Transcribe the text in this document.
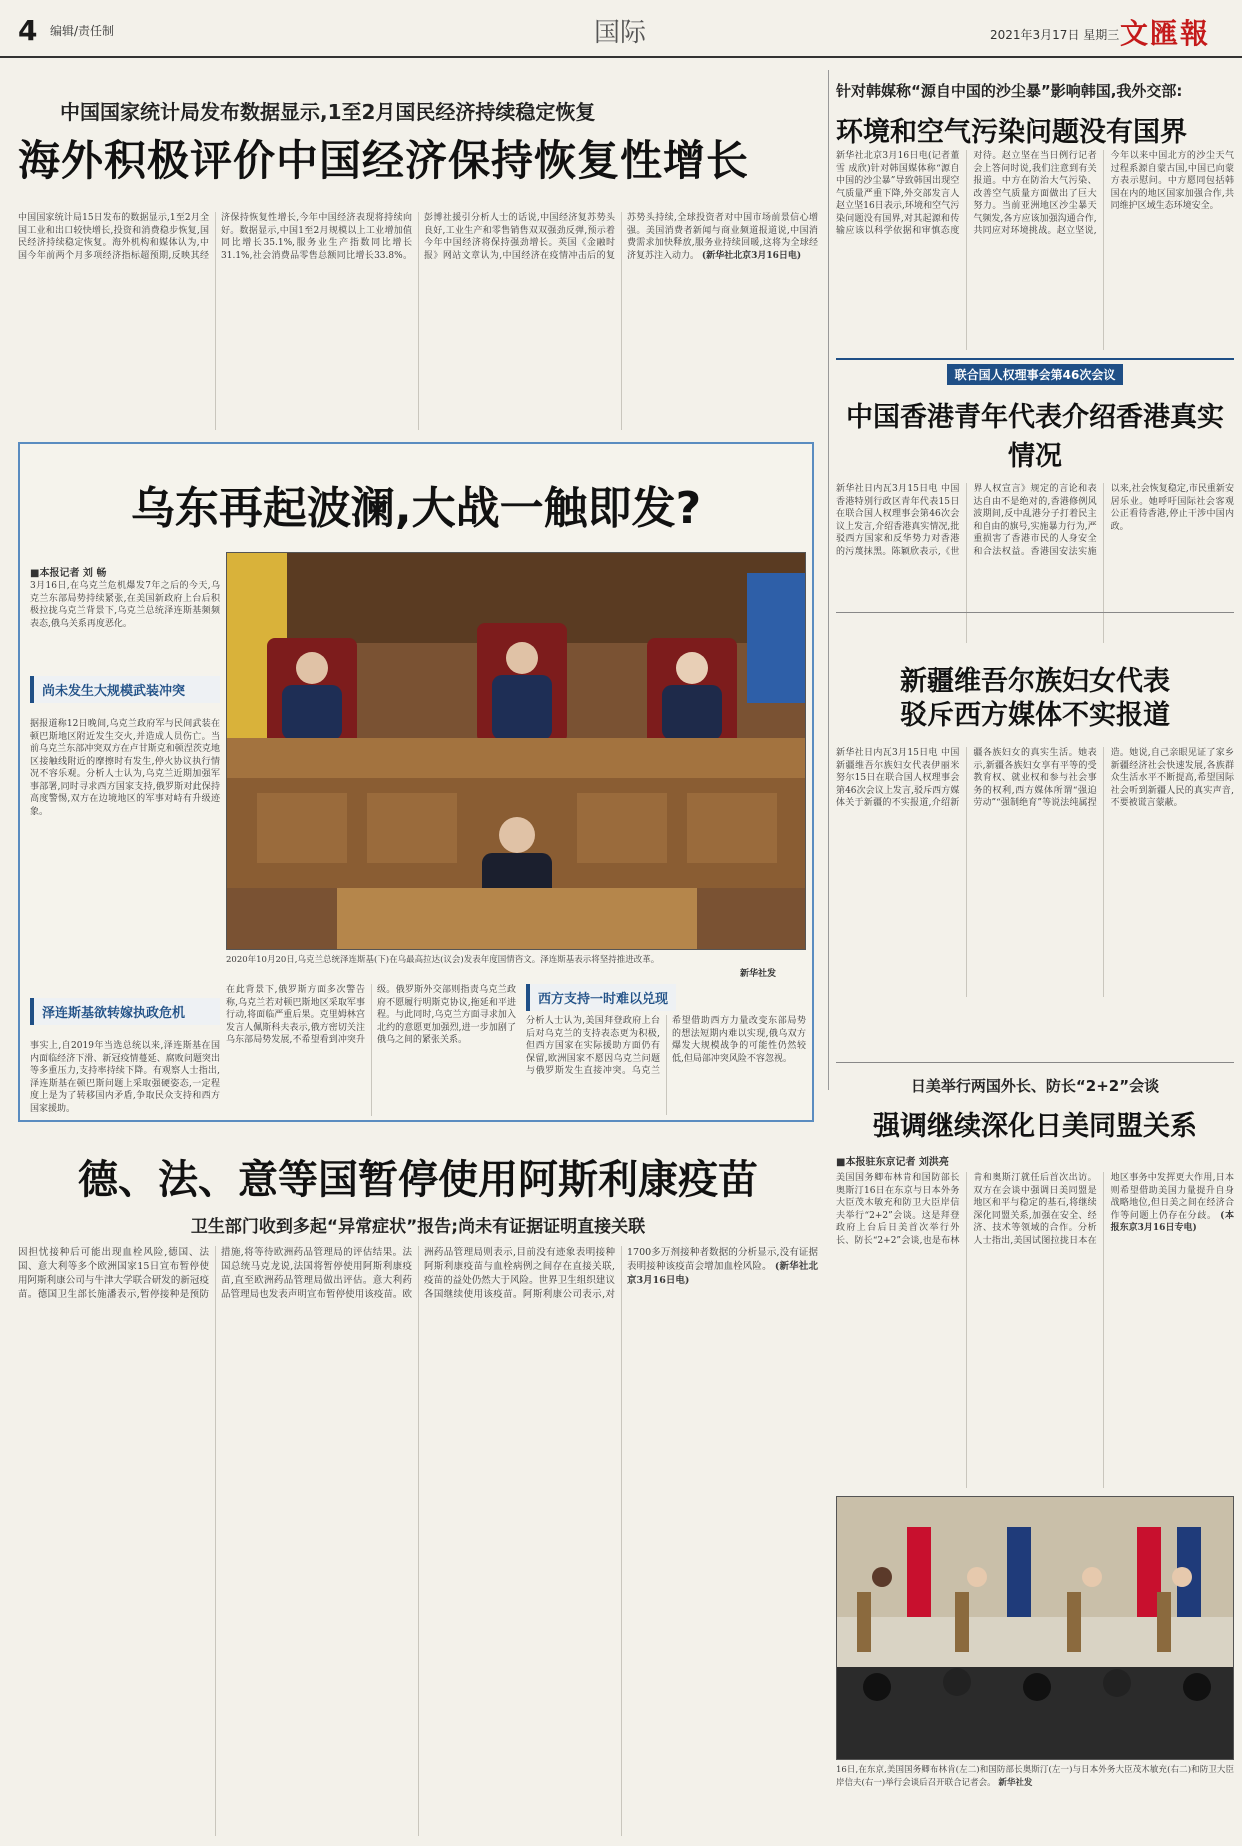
4 编辑/责任制	国际	2021年3月17日 星期三 文匯報
中国国家统计局发布数据显示,1至2月国民经济持续稳定恢复
海外积极评价中国经济保持恢复性增长
中国国家统计局15日发布的数据显示,1至2月全国工业和出口较快增长,投资和消费稳步恢复,国民经济持续稳定恢复。海外机构和媒体认为,中国今年前两个月多项经济指标超预期,反映其经济保持恢复性增长,今年中国经济表现将持续向好。数据显示,中国1至2月规模以上工业增加值同比增长35.1%,服务业生产指数同比增长31.1%,社会消费品零售总额同比增长33.8%。彭博社援引分析人士的话说,中国经济复苏势头良好,工业生产和零售销售双双强劲反弹,预示着今年中国经济将保持强劲增长。英国《金融时报》网站文章认为,中国经济在疫情冲击后的复苏势头持续,全球投资者对中国市场前景信心增强。美国消费者新闻与商业频道报道说,中国消费需求加快释放,服务业持续回暖,这将为全球经济复苏注入动力。 (新华社北京3月16日电)
针对韩媒称“源自中国的沙尘暴”影响韩国,我外交部:
环境和空气污染问题没有国界
新华社北京3月16日电(记者董雪 成欣)针对韩国媒体称“源自中国的沙尘暴”导致韩国出现空气质量严重下降,外交部发言人赵立坚16日表示,环境和空气污染问题没有国界,对其起源和传输应该以科学依据和审慎态度对待。赵立坚在当日例行记者会上答问时说,我们注意到有关报道。中方在防治大气污染、改善空气质量方面做出了巨大努力。当前亚洲地区沙尘暴天气频发,各方应该加强沟通合作,共同应对环境挑战。赵立坚说,今年以来中国北方的沙尘天气过程系源自蒙古国,中国已向蒙方表示慰问。中方愿同包括韩国在内的地区国家加强合作,共同维护区域生态环境安全。
联合国人权理事会第46次会议
中国香港青年代表介绍香港真实情况
新华社日内瓦3月15日电 中国香港特别行政区青年代表15日在联合国人权理事会第46次会议上发言,介绍香港真实情况,批驳西方国家和反华势力对香港的污蔑抹黑。陈颖欣表示,《世界人权宣言》规定的言论和表达自由不是绝对的,香港修例风波期间,反中乱港分子打着民主和自由的旗号,实施暴力行为,严重损害了香港市民的人身安全和合法权益。香港国安法实施以来,社会恢复稳定,市民重新安居乐业。她呼吁国际社会客观公正看待香港,停止干涉中国内政。
新疆维吾尔族妇女代表
驳斥西方媒体不实报道
新华社日内瓦3月15日电 中国新疆维吾尔族妇女代表伊丽米努尔15日在联合国人权理事会第46次会议上发言,驳斥西方媒体关于新疆的不实报道,介绍新疆各族妇女的真实生活。她表示,新疆各族妇女享有平等的受教育权、就业权和参与社会事务的权利,西方媒体所谓“强迫劳动”“强制绝育”等说法纯属捏造。她说,自己亲眼见证了家乡新疆经济社会快速发展,各族群众生活水平不断提高,希望国际社会听到新疆人民的真实声音,不要被谎言蒙蔽。
乌东再起波澜,大战一触即发?
■本报记者 刘 畅
3月16日,在乌克兰危机爆发7年之后的今天,乌克兰东部局势持续紧张,在美国新政府上台后积极拉拢乌克兰背景下,乌克兰总统泽连斯基频频表态,俄乌关系再度恶化。
尚未发生大规模武装冲突
据报道称12日晚间,乌克兰政府军与民间武装在顿巴斯地区附近发生交火,并造成人员伤亡。当前乌克兰东部冲突双方在卢甘斯克和顿涅茨克地区接触线附近的摩擦时有发生,停火协议执行情况不容乐观。分析人士认为,乌克兰近期加强军事部署,同时寻求西方国家支持,俄罗斯对此保持高度警惕,双方在边境地区的军事对峙有升级迹象。
泽连斯基欲转嫁执政危机
事实上,自2019年当选总统以来,泽连斯基在国内面临经济下滑、新冠疫情蔓延、腐败问题突出等多重压力,支持率持续下降。有观察人士指出,泽连斯基在顿巴斯问题上采取强硬姿态,一定程度上是为了转移国内矛盾,争取民众支持和西方国家援助。
2020年10月20日,乌克兰总统泽连斯基(下)在乌最高拉达(议会)发表年度国情咨文。泽连斯基表示将坚持推进改革。
新华社发
在此背景下,俄罗斯方面多次警告称,乌克兰若对顿巴斯地区采取军事行动,将面临严重后果。克里姆林宫发言人佩斯科夫表示,俄方密切关注乌东部局势发展,不希望看到冲突升级。俄罗斯外交部则指责乌克兰政府不愿履行明斯克协议,拖延和平进程。与此同时,乌克兰方面寻求加入北约的意愿更加强烈,进一步加剧了俄乌之间的紧张关系。
西方支持一时难以兑现
分析人士认为,美国拜登政府上台后对乌克兰的支持表态更为积极,但西方国家在实际援助方面仍有保留,欧洲国家不愿因乌克兰问题与俄罗斯发生直接冲突。乌克兰希望借助西方力量改变东部局势的想法短期内难以实现,俄乌双方爆发大规模战争的可能性仍然较低,但局部冲突风险不容忽视。
日美举行两国外长、防长“2+2”会谈
强调继续深化日美同盟关系
■本报驻东京记者 刘洪亮
美国国务卿布林肯和国防部长奥斯汀16日在东京与日本外务大臣茂木敏充和防卫大臣岸信夫举行“2+2”会谈。这是拜登政府上台后日美首次举行外长、防长“2+2”会谈,也是布林肯和奥斯汀就任后首次出访。双方在会谈中强调日美同盟是地区和平与稳定的基石,将继续深化同盟关系,加强在安全、经济、技术等领域的合作。分析人士指出,美国试图拉拢日本在地区事务中发挥更大作用,日本则希望借助美国力量提升自身战略地位,但日美之间在经济合作等问题上仍存在分歧。 (本报东京3月16日专电)
16日,在东京,美国国务卿布林肯(左二)和国防部长奥斯汀(左一)与日本外务大臣茂木敏充(右二)和防卫大臣岸信夫(右一)举行会谈后召开联合记者会。 新华社发
德、法、意等国暂停使用阿斯利康疫苗
卫生部门收到多起“异常症状”报告;尚未有证据证明直接关联
因担忧接种后可能出现血栓风险,德国、法国、意大利等多个欧洲国家15日宣布暂停使用阿斯利康公司与牛津大学联合研发的新冠疫苗。德国卫生部长施潘表示,暂停接种是预防措施,将等待欧洲药品管理局的评估结果。法国总统马克龙说,法国将暂停使用阿斯利康疫苗,直至欧洲药品管理局做出评估。意大利药品管理局也发表声明宣布暂停使用该疫苗。欧洲药品管理局则表示,目前没有迹象表明接种阿斯利康疫苗与血栓病例之间存在直接关联,疫苗的益处仍然大于风险。世界卫生组织建议各国继续使用该疫苗。阿斯利康公司表示,对1700多万剂接种者数据的分析显示,没有证据表明接种该疫苗会增加血栓风险。 (新华社北京3月16日电)
